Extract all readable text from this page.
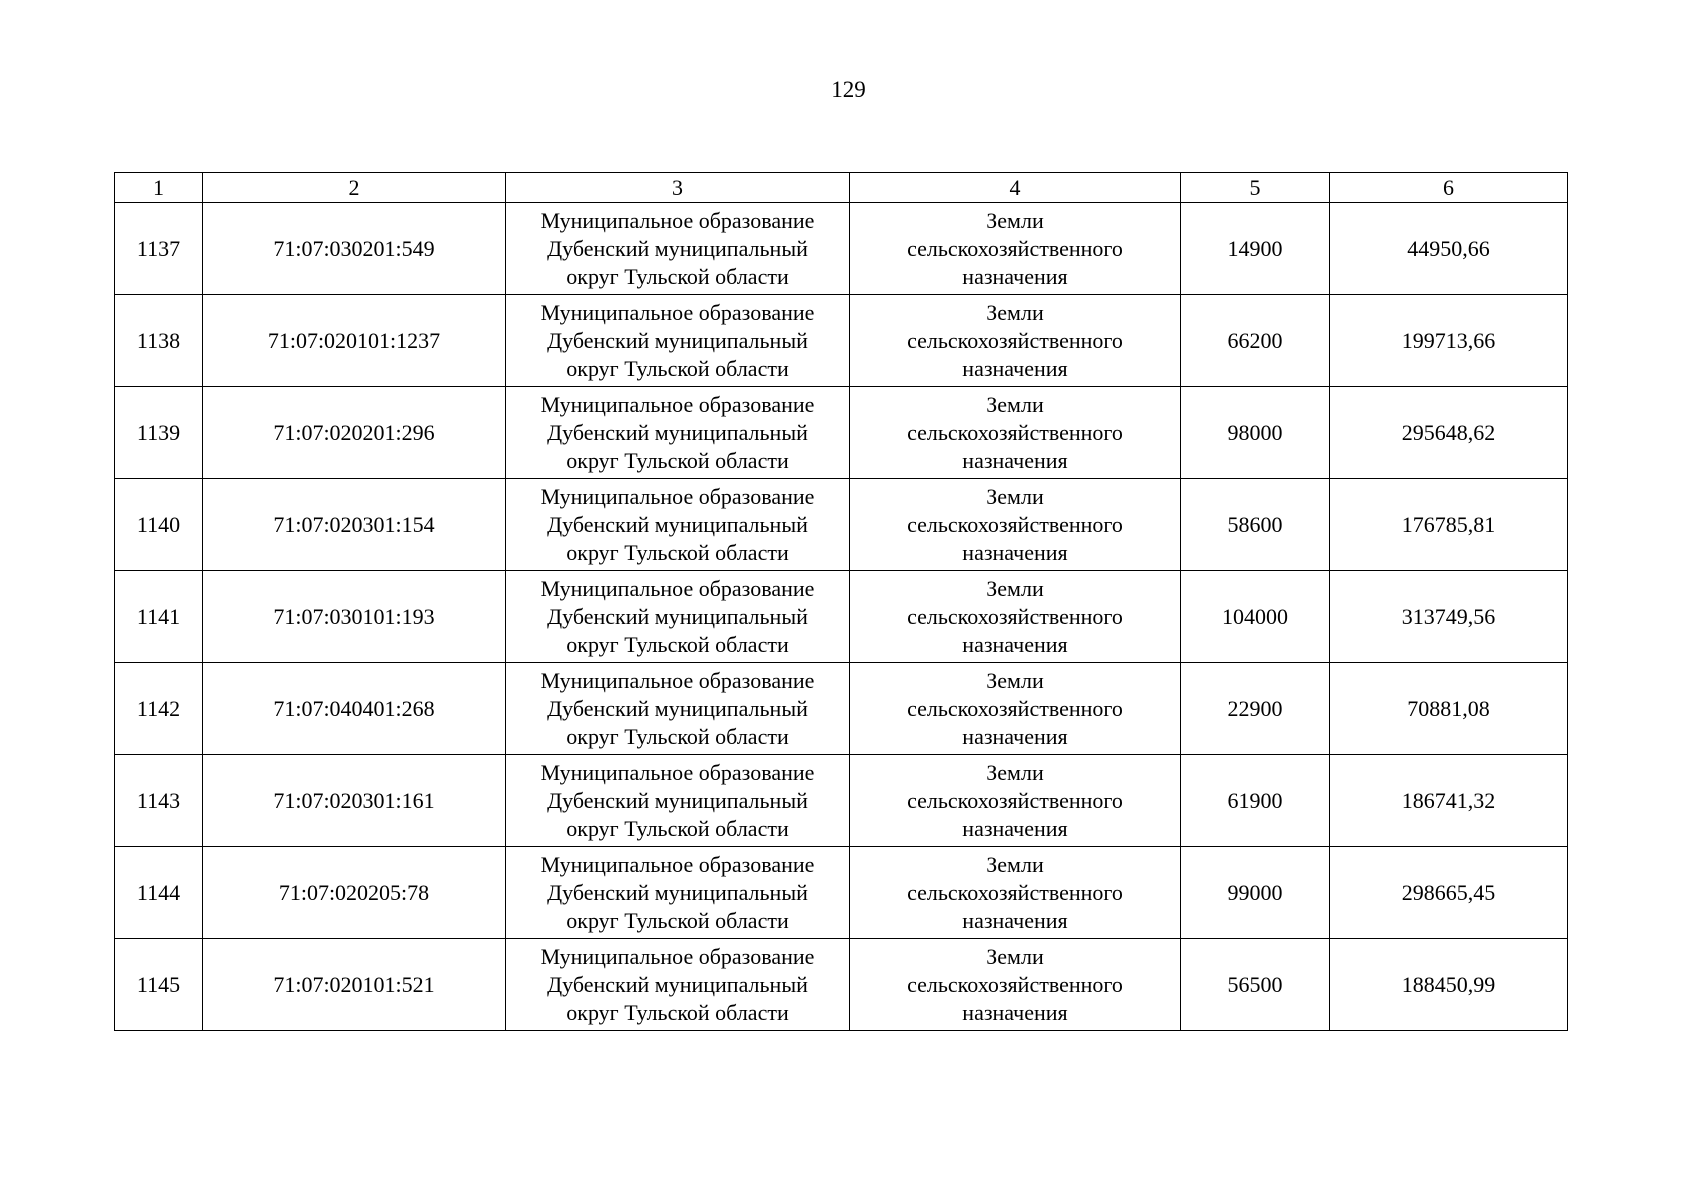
129
1	2	3	4	5	6
1137	71:07:030201:549	Муниципальное образование
Дубенский муниципальный
округ Тульской области	Земли
сельскохозяйственного
назначения	14900	44950,66
1138	71:07:020101:1237	Муниципальное образование
Дубенский муниципальный
округ Тульской области	Земли
сельскохозяйственного
назначения	66200	199713,66
1139	71:07:020201:296	Муниципальное образование
Дубенский муниципальный
округ Тульской области	Земли
сельскохозяйственного
назначения	98000	295648,62
1140	71:07:020301:154	Муниципальное образование
Дубенский муниципальный
округ Тульской области	Земли
сельскохозяйственного
назначения	58600	176785,81
1141	71:07:030101:193	Муниципальное образование
Дубенский муниципальный
округ Тульской области	Земли
сельскохозяйственного
назначения	104000	313749,56
1142	71:07:040401:268	Муниципальное образование
Дубенский муниципальный
округ Тульской области	Земли
сельскохозяйственного
назначения	22900	70881,08
1143	71:07:020301:161	Муниципальное образование
Дубенский муниципальный
округ Тульской области	Земли
сельскохозяйственного
назначения	61900	186741,32
1144	71:07:020205:78	Муниципальное образование
Дубенский муниципальный
округ Тульской области	Земли
сельскохозяйственного
назначения	99000	298665,45
1145	71:07:020101:521	Муниципальное образование
Дубенский муниципальный
округ Тульской области	Земли
сельскохозяйственного
назначения	56500	188450,99
